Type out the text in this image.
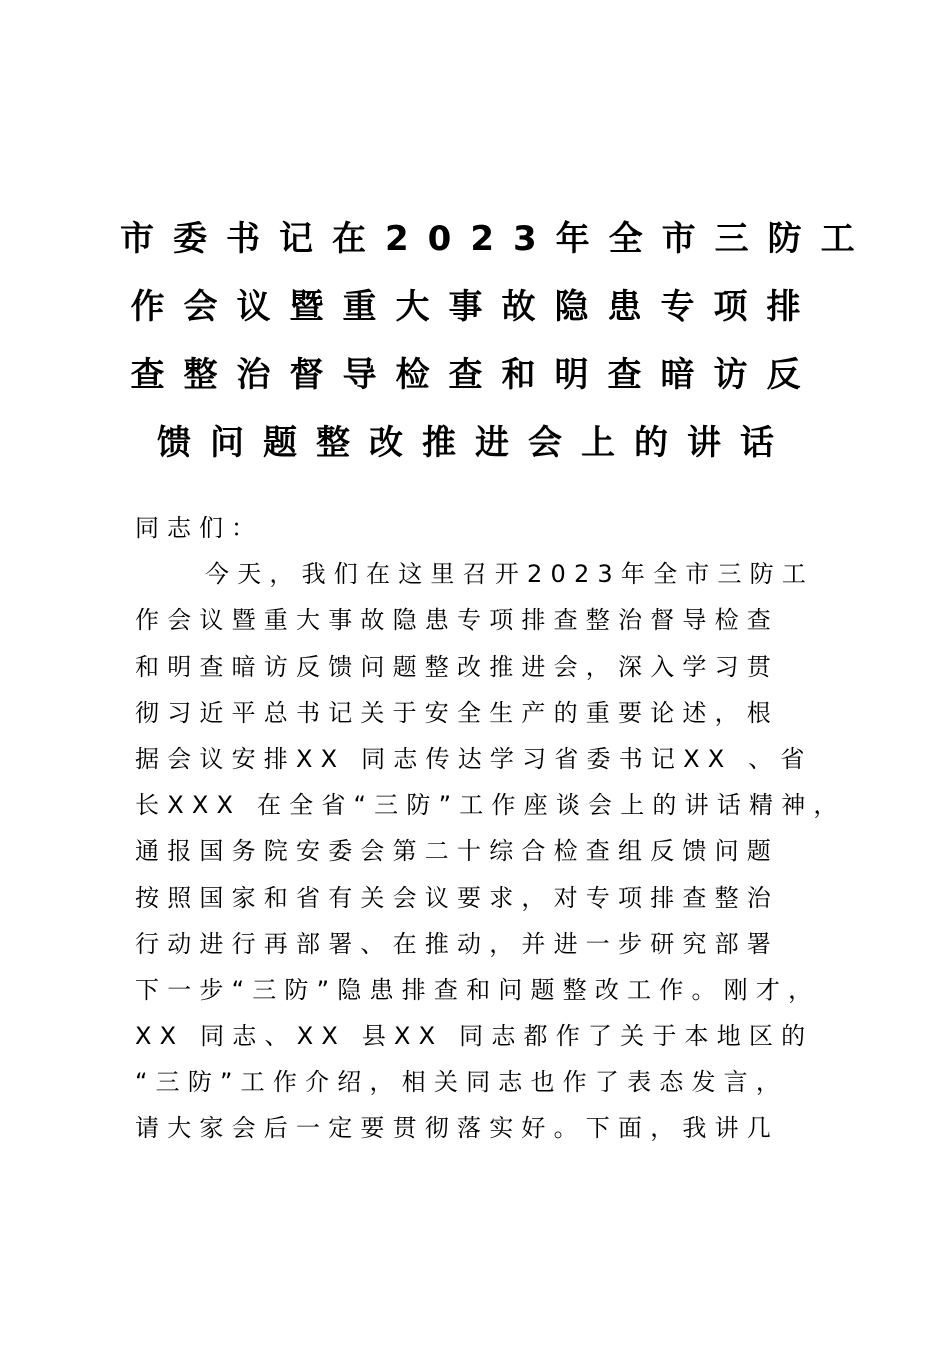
市委书记在2023年全市三防工
作会议暨重大事故隐患专项排
查整治督导检查和明查暗访反
馈问题整改推进会上的讲话
同志们：
今天，我们在这里召开2023年全市三防工
作会议暨重大事故隐患专项排查整治督导检查
和明查暗访反馈问题整改推进会，深入学习贯
彻习近平总书记关于安全生产的重要论述，根
据会议安排XX 同志传达学习省委书记XX 、省
长XXX 在全省“三防”工作座谈会上的讲话精神，
通报国务院安委会第二十综合检查组反馈问题
按照国家和省有关会议要求，对专项排查整治
行动进行再部署、在推动，并进一步研究部署
下一步“三防”隐患排查和问题整改工作。刚才，
XX 同志、XX 县XX 同志都作了关于本地区的
“三防”工作介绍，相关同志也作了表态发言，
请大家会后一定要贯彻落实好。下面，我讲几
